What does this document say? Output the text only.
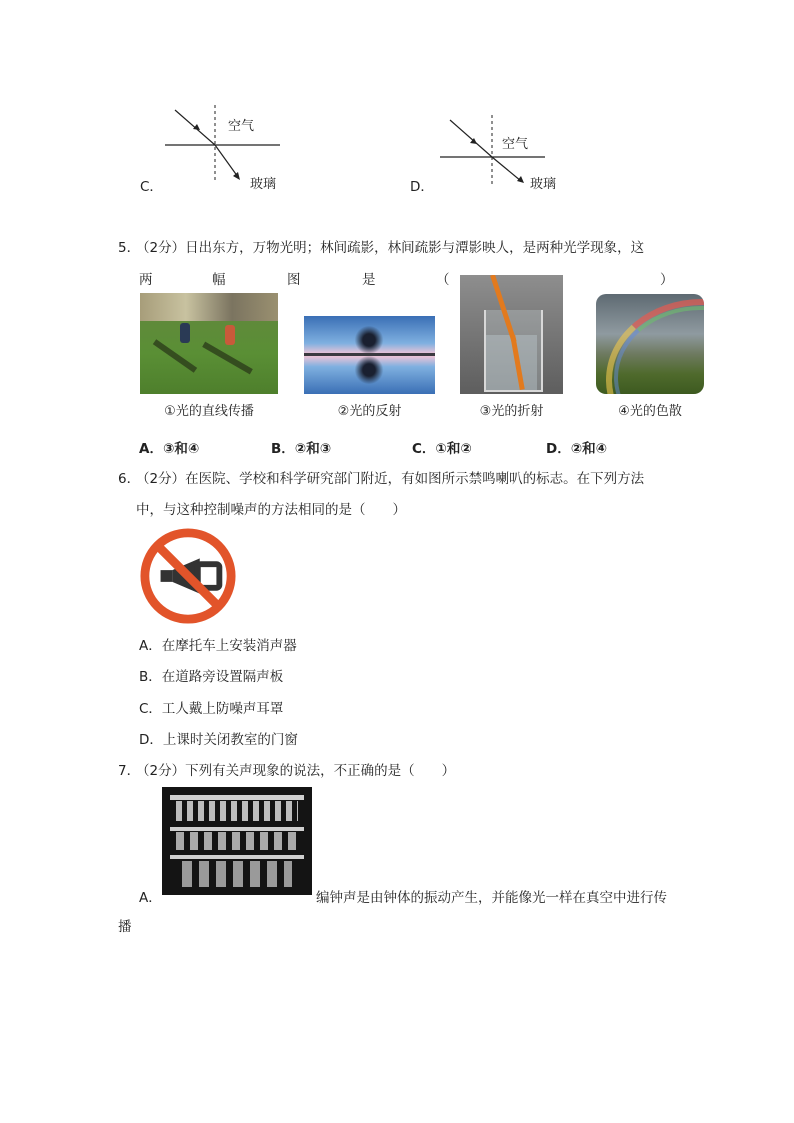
C．
空气
玻璃	D．
空气
玻璃
5．
（2分）日出东方，万物光明；林间疏影，林间疏影与潭影映人，是两种光学现象，这
两	幅	图	是	（	）
①光的直线传播	②光的反射	③光的折射	④光的色散
A．③和④	B．②和③	C．①和②	D．②和④
6．
（2分）在医院、学校和科学研究部门附近，有如图所示禁鸣喇叭的标志。在下列方法
中，与这种控制噪声的方法相同的是（　　）
A．在摩托车上安装消声器
B．在道路旁设置隔声板
C．工人戴上防噪声耳罩
D．上课时关闭教室的门窗
7．
（2分）下列有关声现象的说法，不正确的是（　　）
A．	编钟声是由钟体的振动产生，并能像光一样在真空中进行传
播
